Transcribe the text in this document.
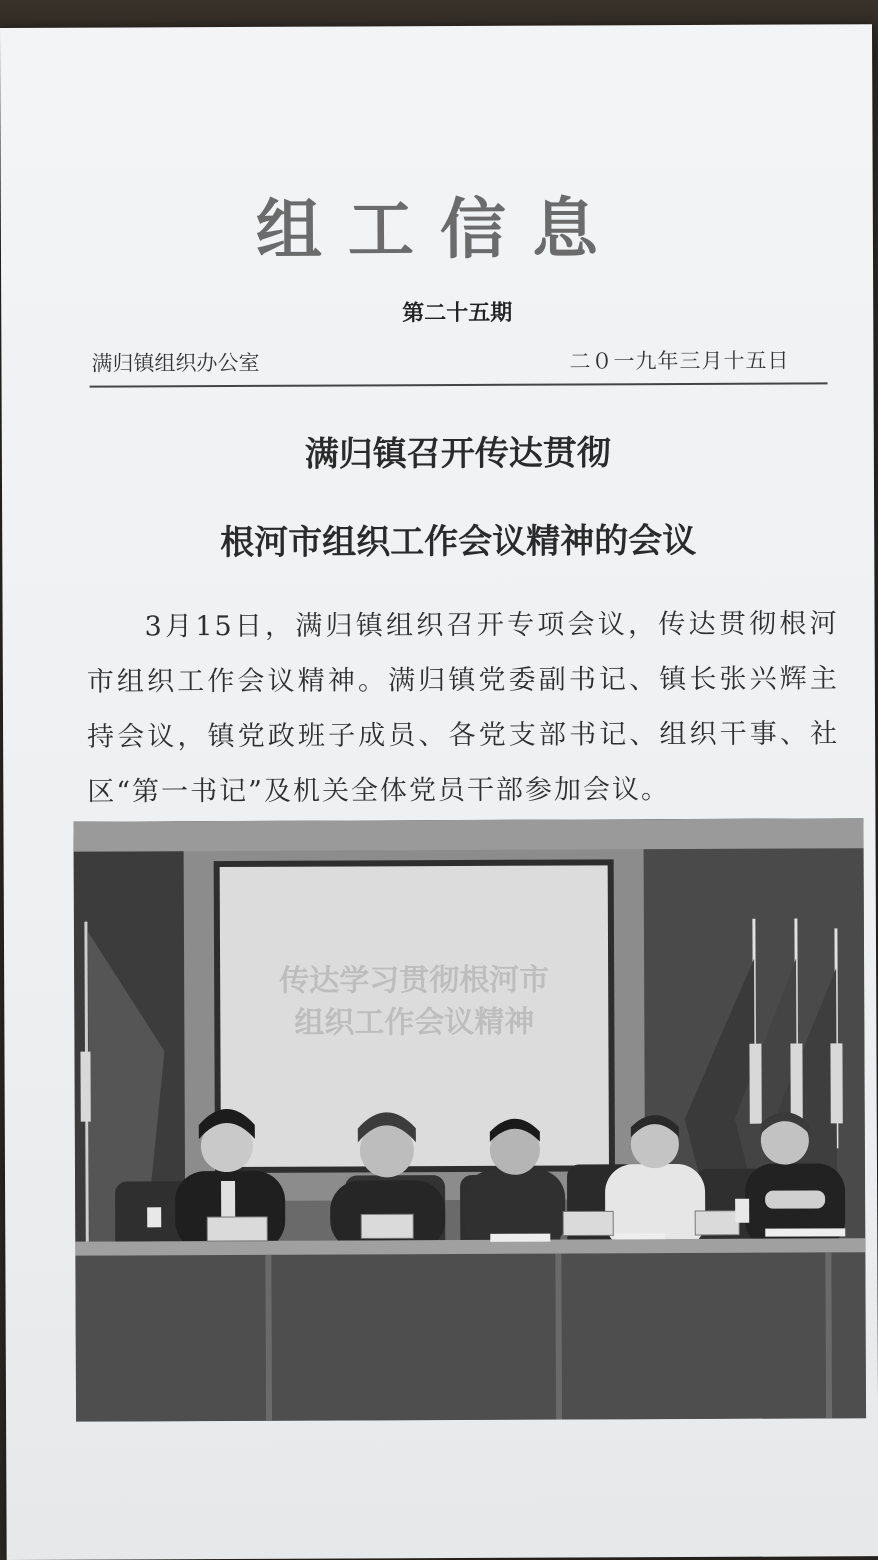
组工信息
第二十五期
满归镇组织办公室	二０一九年三月十五日
满归镇召开传达贯彻
根河市组织工作会议精神的会议
3月15日，满归镇组织召开专项会议，传达贯彻根河市组织工作会议精神。满归镇党委副书记、镇长张兴辉主持会议，镇党政班子成员、各党支部书记、组织干事、社区“第一书记”及机关全体党员干部参加会议。
传达学习贯彻根河市
组织工作会议精神
